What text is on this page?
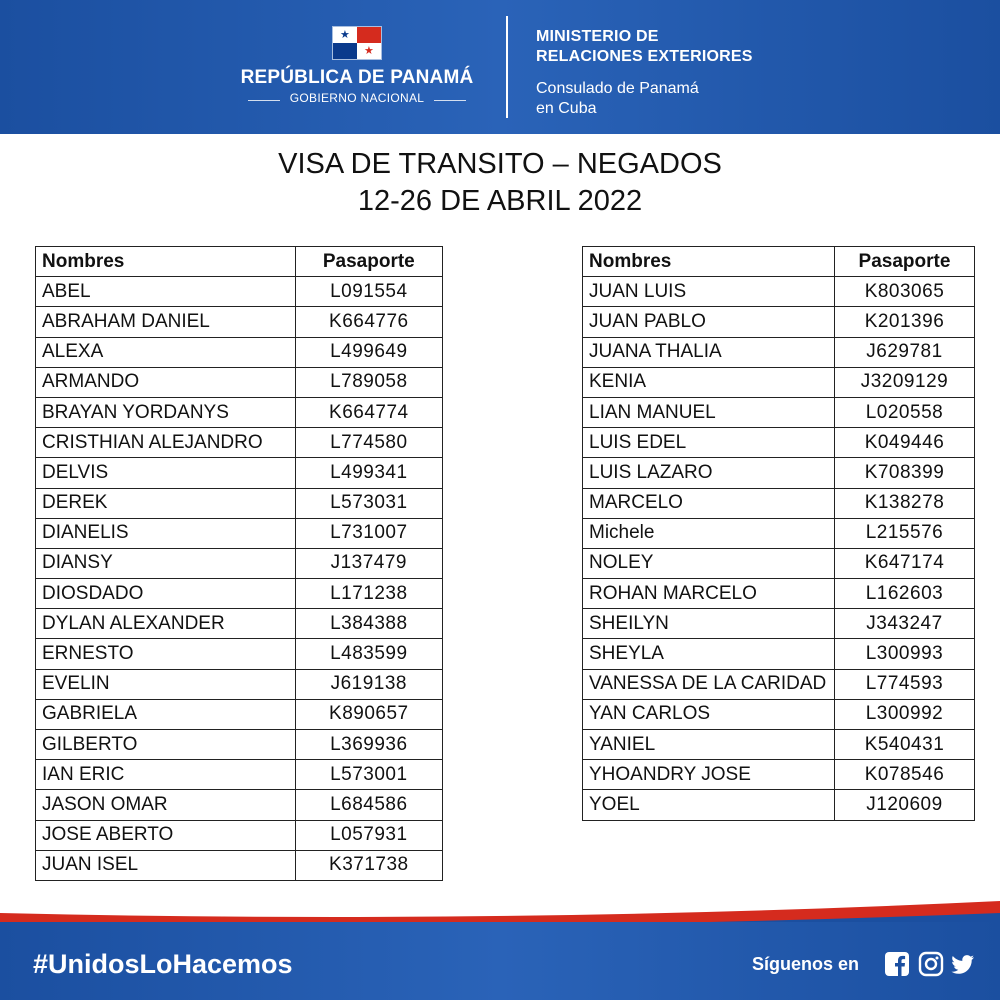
★
★
REPÚBLICA DE PANAMÁ
GOBIERNO NACIONAL
MINISTERIO DE
RELACIONES EXTERIORES
Consulado de Panamá
en Cuba
VISA DE TRANSITO – NEGADOS
12-26 DE ABRIL 2022
Nombres	Pasaporte
ABEL	L091554
ABRAHAM DANIEL	K664776
ALEXA	L499649
ARMANDO	L789058
BRAYAN YORDANYS	K664774
CRISTHIAN ALEJANDRO	L774580
DELVIS	L499341
DEREK	L573031
DIANELIS	L731007
DIANSY	J137479
DIOSDADO	L171238
DYLAN ALEXANDER	L384388
ERNESTO	L483599
EVELIN	J619138
GABRIELA	K890657
GILBERTO	L369936
IAN ERIC	L573001
JASON OMAR	L684586
JOSE ABERTO	L057931
JUAN ISEL	K371738
Nombres	Pasaporte
JUAN LUIS	K803065
JUAN PABLO	K201396
JUANA THALIA	J629781
KENIA	J3209129
LIAN MANUEL	L020558
LUIS EDEL	K049446
LUIS LAZARO	K708399
MARCELO	K138278
Michele	L215576
NOLEY	K647174
ROHAN MARCELO	L162603
SHEILYN	J343247
SHEYLA	L300993
VANESSA DE LA CARIDAD	L774593
YAN CARLOS	L300992
YANIEL	K540431
YHOANDRY JOSE	K078546
YOEL	J120609
#UnidosLoHacemos	Síguenos en
